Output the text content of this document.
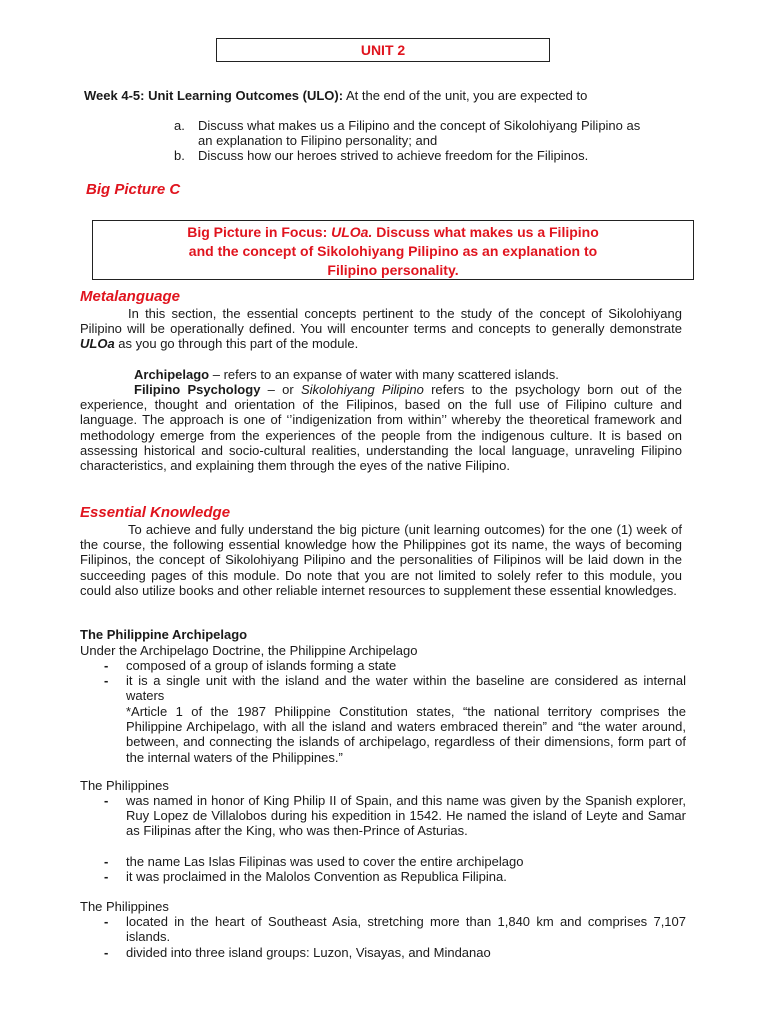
UNIT 2
Week 4-5: Unit Learning Outcomes (ULO): At the end of the unit, you are expected to
a. Discuss what makes us a Filipino and the concept of Sikolohiyang Pilipino as
an explanation to Filipino personality; and
b. Discuss how our heroes strived to achieve freedom for the Filipinos.
Big Picture C
Big Picture in Focus: ULOa. Discuss what makes us a Filipino
and the concept of Sikolohiyang Pilipino as an explanation to
Filipino personality.
Metalanguage
In this section, the essential concepts pertinent to the study of the concept of Sikolohiyang Pilipino will be operationally defined. You will encounter terms and concepts to generally demonstrate ULOa as you go through this part of the module.
Archipelago – refers to an expanse of water with many scattered islands.
Filipino Psychology – or Sikolohiyang Pilipino refers to the psychology born out of the experience, thought and orientation of the Filipinos, based on the full use of Filipino culture and language. The approach is one of ‘’indigenization from within’’ whereby the theoretical framework and methodology emerge from the experiences of the people from the indigenous culture. It is based on assessing historical and socio-cultural realities, understanding the local language, unraveling Filipino characteristics, and explaining them through the eyes of the native Filipino.
Essential Knowledge
To achieve and fully understand the big picture (unit learning outcomes) for the one (1) week of the course, the following essential knowledge how the Philippines got its name, the ways of becoming Filipinos, the concept of Sikolohiyang Pilipino and the personalities of Filipinos will be laid down in the succeeding pages of this module. Do note that you are not limited to solely refer to this module, you could also utilize books and other reliable internet resources to supplement these essential knowledges.
The Philippine Archipelago
Under the Archipelago Doctrine, the Philippine Archipelago
- composed of a group of islands forming a state
- it is a single unit with the island and the water within the baseline are considered as internal waters
*Article 1 of the 1987 Philippine Constitution states, “the national territory comprises the Philippine Archipelago, with all the island and waters embraced therein” and “the water around, between, and connecting the islands of archipelago, regardless of their dimensions, form part of the internal waters of the Philippines.”
The Philippines
- was named in honor of King Philip II of Spain, and this name was given by the Spanish explorer, Ruy Lopez de Villalobos during his expedition in 1542. He named the island of Leyte and Samar as Filipinas after the King, who was then-Prince of Asturias.
- the name Las Islas Filipinas was used to cover the entire archipelago
- it was proclaimed in the Malolos Convention as Republica Filipina.
The Philippines
- located in the heart of Southeast Asia, stretching more than 1,840 km and comprises 7,107 islands.
- divided into three island groups: Luzon, Visayas, and Mindanao
